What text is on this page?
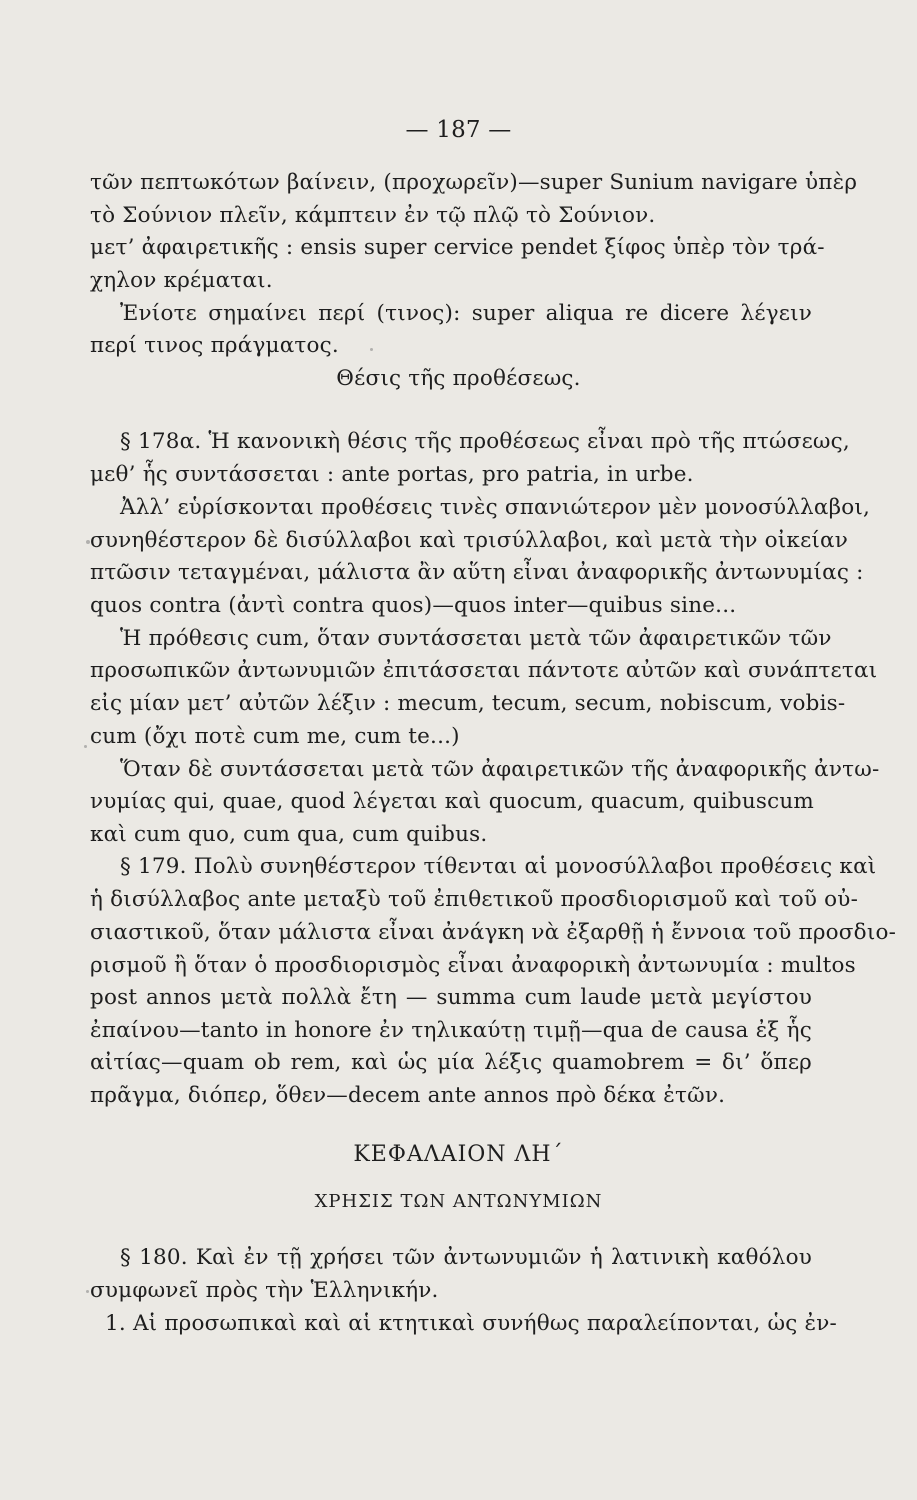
— 187 —
τῶν πεπτωκότων βαίνειν, (προχωρεῖν)—super Sunium navigare ὑπὲρ
τὸ Σούνιον πλεῖν, κάμπτειν ἐν τῷ πλῷ τὸ Σούνιον.
μετ’ ἀφαιρετικῆς : ensis super cervice pendet ξίφος ὑπὲρ τὸν τρά-
χηλον κρέμαται.
Ἐνίοτε σημαίνει περί (τινος): super aliqua re dicere λέγειν
περί τινος πράγματος.
Θέσις τῆς προθέσεως.
§ 178α. Ἡ κανονικὴ θέσις τῆς προθέσεως εἶναι πρὸ τῆς πτώσεως,
μεθ’ ἧς συντάσσεται : ante portas, pro patria, in urbe.
Ἀλλ’ εὑρίσκονται προθέσεις τινὲς σπανιώτερον μὲν μονοσύλλαβοι,
συνηθέστερον δὲ δισύλλαβοι καὶ τρισύλλαβοι, καὶ μετὰ τὴν οἰκείαν
πτῶσιν τεταγμέναι, μάλιστα ἂν αὕτη εἶναι ἀναφορικῆς ἀντωνυμίας :
quos contra (ἀντὶ contra quos)—quos inter—quibus sine...
Ἡ πρόθεσις cum, ὅταν συντάσσεται μετὰ τῶν ἀφαιρετικῶν τῶν
προσωπικῶν ἀντωνυμιῶν ἐπιτάσσεται πάντοτε αὐτῶν καὶ συνάπτεται
εἰς μίαν μετ’ αὐτῶν λέξιν : mecum, tecum, secum, nobiscum, vobis-
cum (ὄχι ποτὲ cum me, cum te...)
Ὅταν δὲ συντάσσεται μετὰ τῶν ἀφαιρετικῶν τῆς ἀναφορικῆς ἀντω-
νυμίας qui, quae, quod λέγεται καὶ quocum, quacum, quibuscum
καὶ cum quo, cum qua, cum quibus.
§ 179. Πολὺ συνηθέστερον τίθενται αἱ μονοσύλλαβοι προθέσεις καὶ
ἡ δισύλλαβος ante μεταξὺ τοῦ ἐπιθετικοῦ προσδιορισμοῦ καὶ τοῦ οὐ-
σιαστικοῦ, ὅταν μάλιστα εἶναι ἀνάγκη νὰ ἐξαρθῇ ἡ ἔννοια τοῦ προσδιο-
ρισμοῦ ἢ ὅταν ὁ προσδιορισμὸς εἶναι ἀναφορικὴ ἀντωνυμία : multos
post annos μετὰ πολλὰ ἔτη — summa cum laude μετὰ μεγίστου
ἐπαίνου—tanto in honore ἐν τηλικαύτῃ τιμῇ—qua de causa ἐξ ἧς
αἰτίας—quam ob rem, καὶ ὡς μία λέξις quamobrem = δι’ ὅπερ
πρᾶγμα, διόπερ, ὅθεν—decem ante annos πρὸ δέκα ἐτῶν.
ΚΕΦΑΛΑΙΟΝ ΛΗ΄
ΧΡΗΣΙΣ ΤΩΝ ΑΝΤΩΝΥΜΙΩΝ
§ 180. Καὶ ἐν τῇ χρήσει τῶν ἀντωνυμιῶν ἡ λατινικὴ καθόλου
συμφωνεῖ πρὸς τὴν Ἑλληνικήν.
1. Αἱ προσωπικαὶ καὶ αἱ κτητικαὶ συνήθως παραλείπονται, ὡς ἐν-
